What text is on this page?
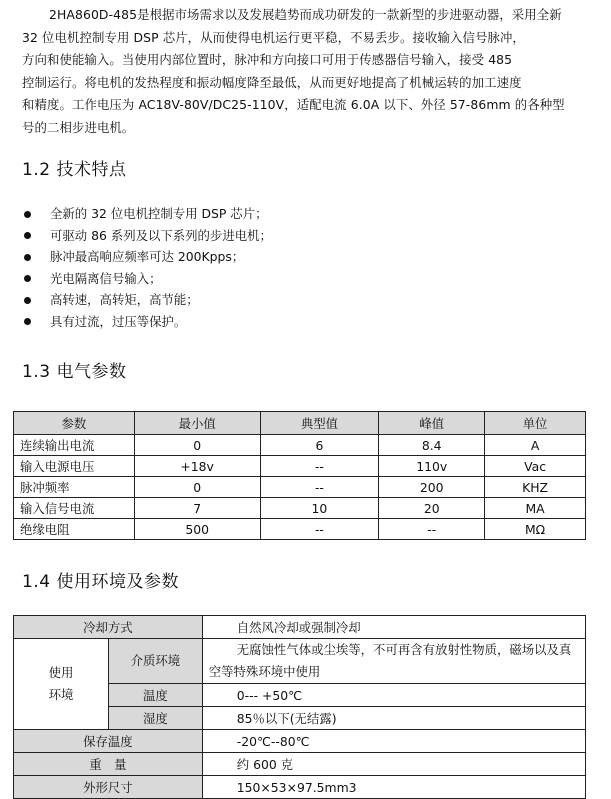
2HA860D-485是根据市场需求以及发展趋势而成功研发的一款新型的步进驱动器，采用全新

32 位电机控制专用 DSP 芯片，从而使得电机运行更平稳，不易丢步。接收输入信号脉冲，

方向和使能输入。当使用内部位置时，脉冲和方向接口可用于传感器信号输入，接受 485

控制运行。将电机的发热程度和振动幅度降至最低，从而更好地提高了机械运转的加工速度

和精度。工作电压为 AC18V-80V/DC25-110V，适配电流 6.0A 以下、外径 57-86mm 的各种型

号的二相步进电机。

1.2 技术特点
全新的 32 位电机控制专用 DSP 芯片；
可驱动 86 系列及以下系列的步进电机；
脉冲最高响应频率可达 200Kpps；
光电隔离信号输入；
高转速，高转矩，高节能；
具有过流，过压等保护。
1.3 电气参数
参数	最小值	典型值	峰值	单位
连续输出电流	0	6	8.4	A
输入电源电压	+18v	--	110v	Vac
脉冲频率	0	--	200	KHZ
输入信号电流	7	10	20	MA
绝缘电阻	500	--	--	MΩ
1.4 使用环境及参数
冷却方式		自然风冷却或强制冷却
使用环境	介质环境	无腐蚀性气体或尘埃等，不可再含有放射性物质，磁场以及真空等特殊环境中使用
	温度	0--- +50℃
	湿度	85％以下(无结露)
保存温度		-20℃--80℃
重　量		约 600 克
外形尺寸		150×53×97.5mm3
